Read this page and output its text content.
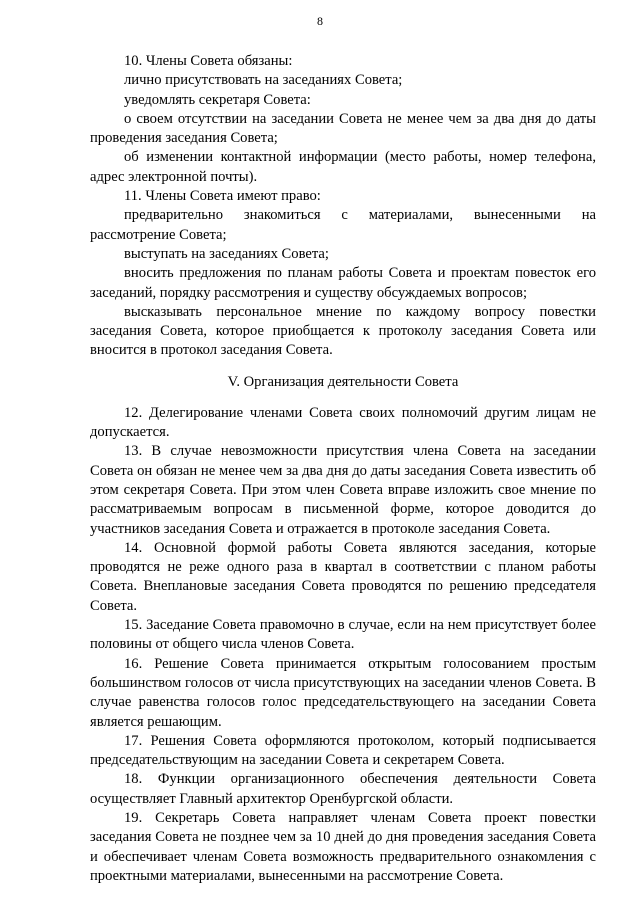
8

10. Члены Совета обязаны:

лично присутствовать на заседаниях Совета;

уведомлять секретаря Совета:

о своем отсутствии на заседании Совета не менее чем за два дня до даты проведения заседания Совета;

об изменении контактной информации (место работы, номер телефона, адрес электронной почты).

11. Члены Совета имеют право:

предварительно знакомиться с материалами, вынесенными на рассмотрение Совета;

выступать на заседаниях Совета;

вносить предложения по планам работы Совета и проектам повесток его заседаний, порядку рассмотрения и существу обсуждаемых вопросов;

высказывать персональное мнение по каждому вопросу повестки заседания Совета, которое приобщается к протоколу заседания Совета или вносится в протокол заседания Совета.

V. Организация деятельности Совета

12. Делегирование членами Совета своих полномочий другим лицам не допускается.

13. В случае невозможности присутствия члена Совета на заседании Совета он обязан не менее чем за два дня до даты заседания Совета известить об этом секретаря Совета. При этом член Совета вправе изложить свое мнение по рассматриваемым вопросам в письменной форме, которое доводится до участников заседания Совета и отражается в протоколе заседания Совета.

14. Основной формой работы Совета являются заседания, которые проводятся не реже одного раза в квартал в соответствии с планом работы Совета. Внеплановые заседания Совета проводятся по решению председателя Совета.

15. Заседание Совета правомочно в случае, если на нем присутствует более половины от общего числа членов Совета.

16. Решение Совета принимается открытым голосованием простым большинством голосов от числа присутствующих на заседании членов Совета. В случае равенства голосов голос председательствующего на заседании Совета является решающим.

17. Решения Совета оформляются протоколом, который подписывается председательствующим на заседании Совета и секретарем Совета.

18. Функции организационного обеспечения деятельности Совета осуществляет Главный архитектор Оренбургской области.

19. Секретарь Совета направляет членам Совета проект повестки заседания Совета не позднее чем за 10 дней до дня проведения заседания Совета и обеспечивает членам Совета возможность предварительного ознакомления с проектными материалами, вынесенными на рассмотрение Совета.
